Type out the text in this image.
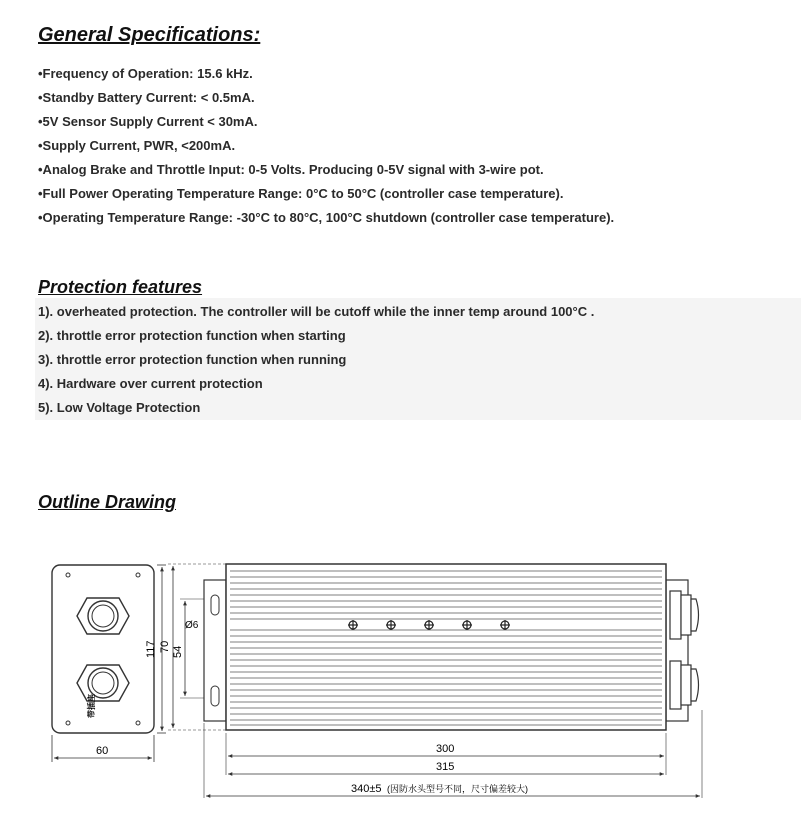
General Specifications:
•Frequency of Operation: 15.6 kHz.
•Standby Battery Current: < 0.5mA.
•5V Sensor Supply Current < 30mA.
•Supply Current, PWR, <200mA.
•Analog Brake and Throttle Input: 0-5 Volts. Producing 0-5V signal with 3-wire pot.
•Full Power Operating Temperature Range: 0°C to 50°C (controller case temperature).
•Operating Temperature Range: -30°C to 80°C, 100°C shutdown (controller case temperature).
Protection features
1). overheated protection. The controller will be cutoff while the inner temp around 100°C .
2). throttle error protection function when starting
3). throttle error protection function when running
4). Hardware over current protection
5). Low Voltage Protection
Outline Drawing
带插座
60
117 70 54
Ø6
300
315
340±5 (因防水头型号不同，尺寸偏差较大)
